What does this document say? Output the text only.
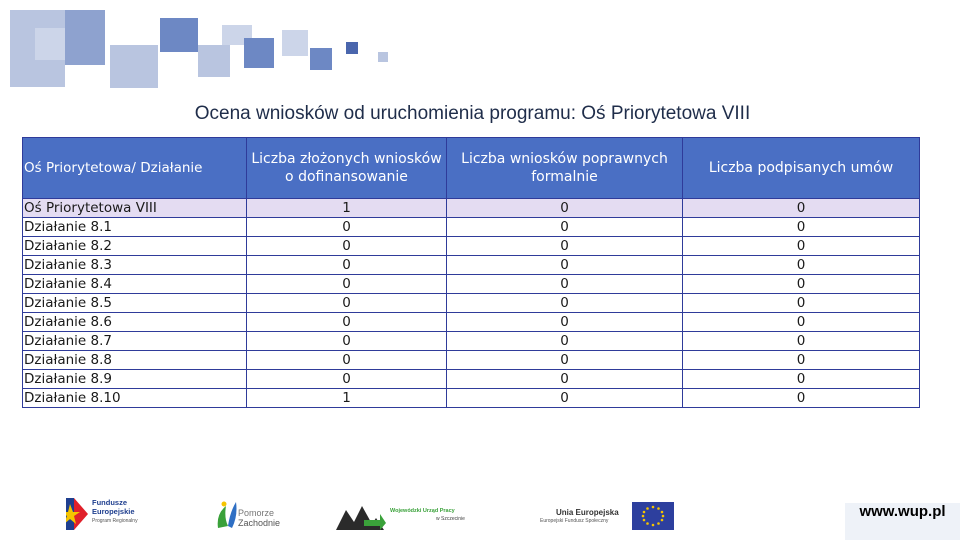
Ocena wniosków od uruchomienia programu: Oś Priorytetowa VIII
Oś Priorytetowa/ Działanie	Liczba złożonych wniosków o dofinansowanie	Liczba wniosków poprawnych formalnie	Liczba podpisanych umów
Oś Priorytetowa VIII	1	0	0
Działanie 8.1	0	0	0
Działanie 8.2	0	0	0
Działanie 8.3	0	0	0
Działanie 8.4	0	0	0
Działanie 8.5	0	0	0
Działanie 8.6	0	0	0
Działanie 8.7	0	0	0
Działanie 8.8	0	0	0
Działanie 8.9	0	0	0
Działanie 8.10	1	0	0
Fundusze
Europejskie
Program Regionalny
Pomorze
Zachodnie
Wojewódzki Urząd Pracy
w Szczecinie
Unia Europejska
Europejski Fundusz Społeczny
www.wup.pl
